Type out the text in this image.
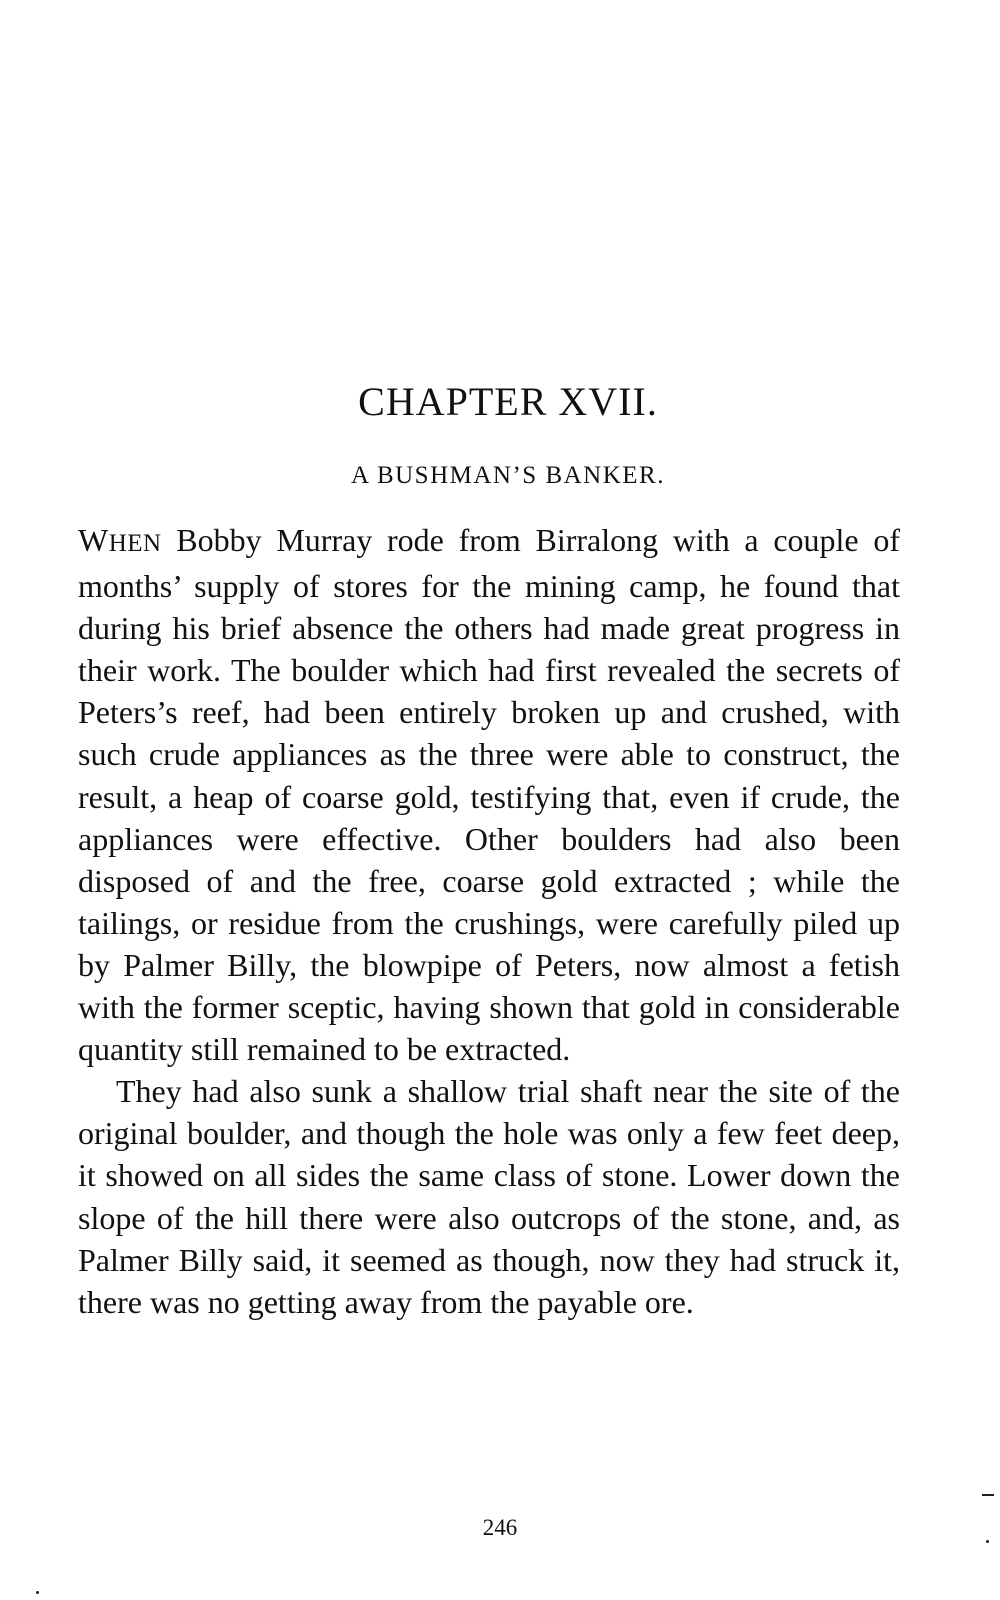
CHAPTER XVII.
A BUSHMAN’S BANKER.

WHEN Bobby Murray rode from Birralong with a couple of months’ supply of stores for the mining camp, he found that during his brief absence the others had made great progress in their work. The boulder which had first revealed the secrets of Peters’s reef, had been entirely broken up and crushed, with such crude appliances as the three were able to construct, the result, a heap of coarse gold, testifying that, even if crude, the appliances were effective. Other boulders had also been disposed of and the free, coarse gold extracted ; while the tailings, or residue from the crushings, were carefully piled up by Palmer Billy, the blowpipe of Peters, now almost a fetish with the former sceptic, having shown that gold in considerable quantity still remained to be extracted.

They had also sunk a shallow trial shaft near the site of the original boulder, and though the hole was only a few feet deep, it showed on all sides the same class of stone. Lower down the slope of the hill there were also outcrops of the stone, and, as Palmer Billy said, it seemed as though, now they had struck it, there was no getting away from the payable ore.

246
